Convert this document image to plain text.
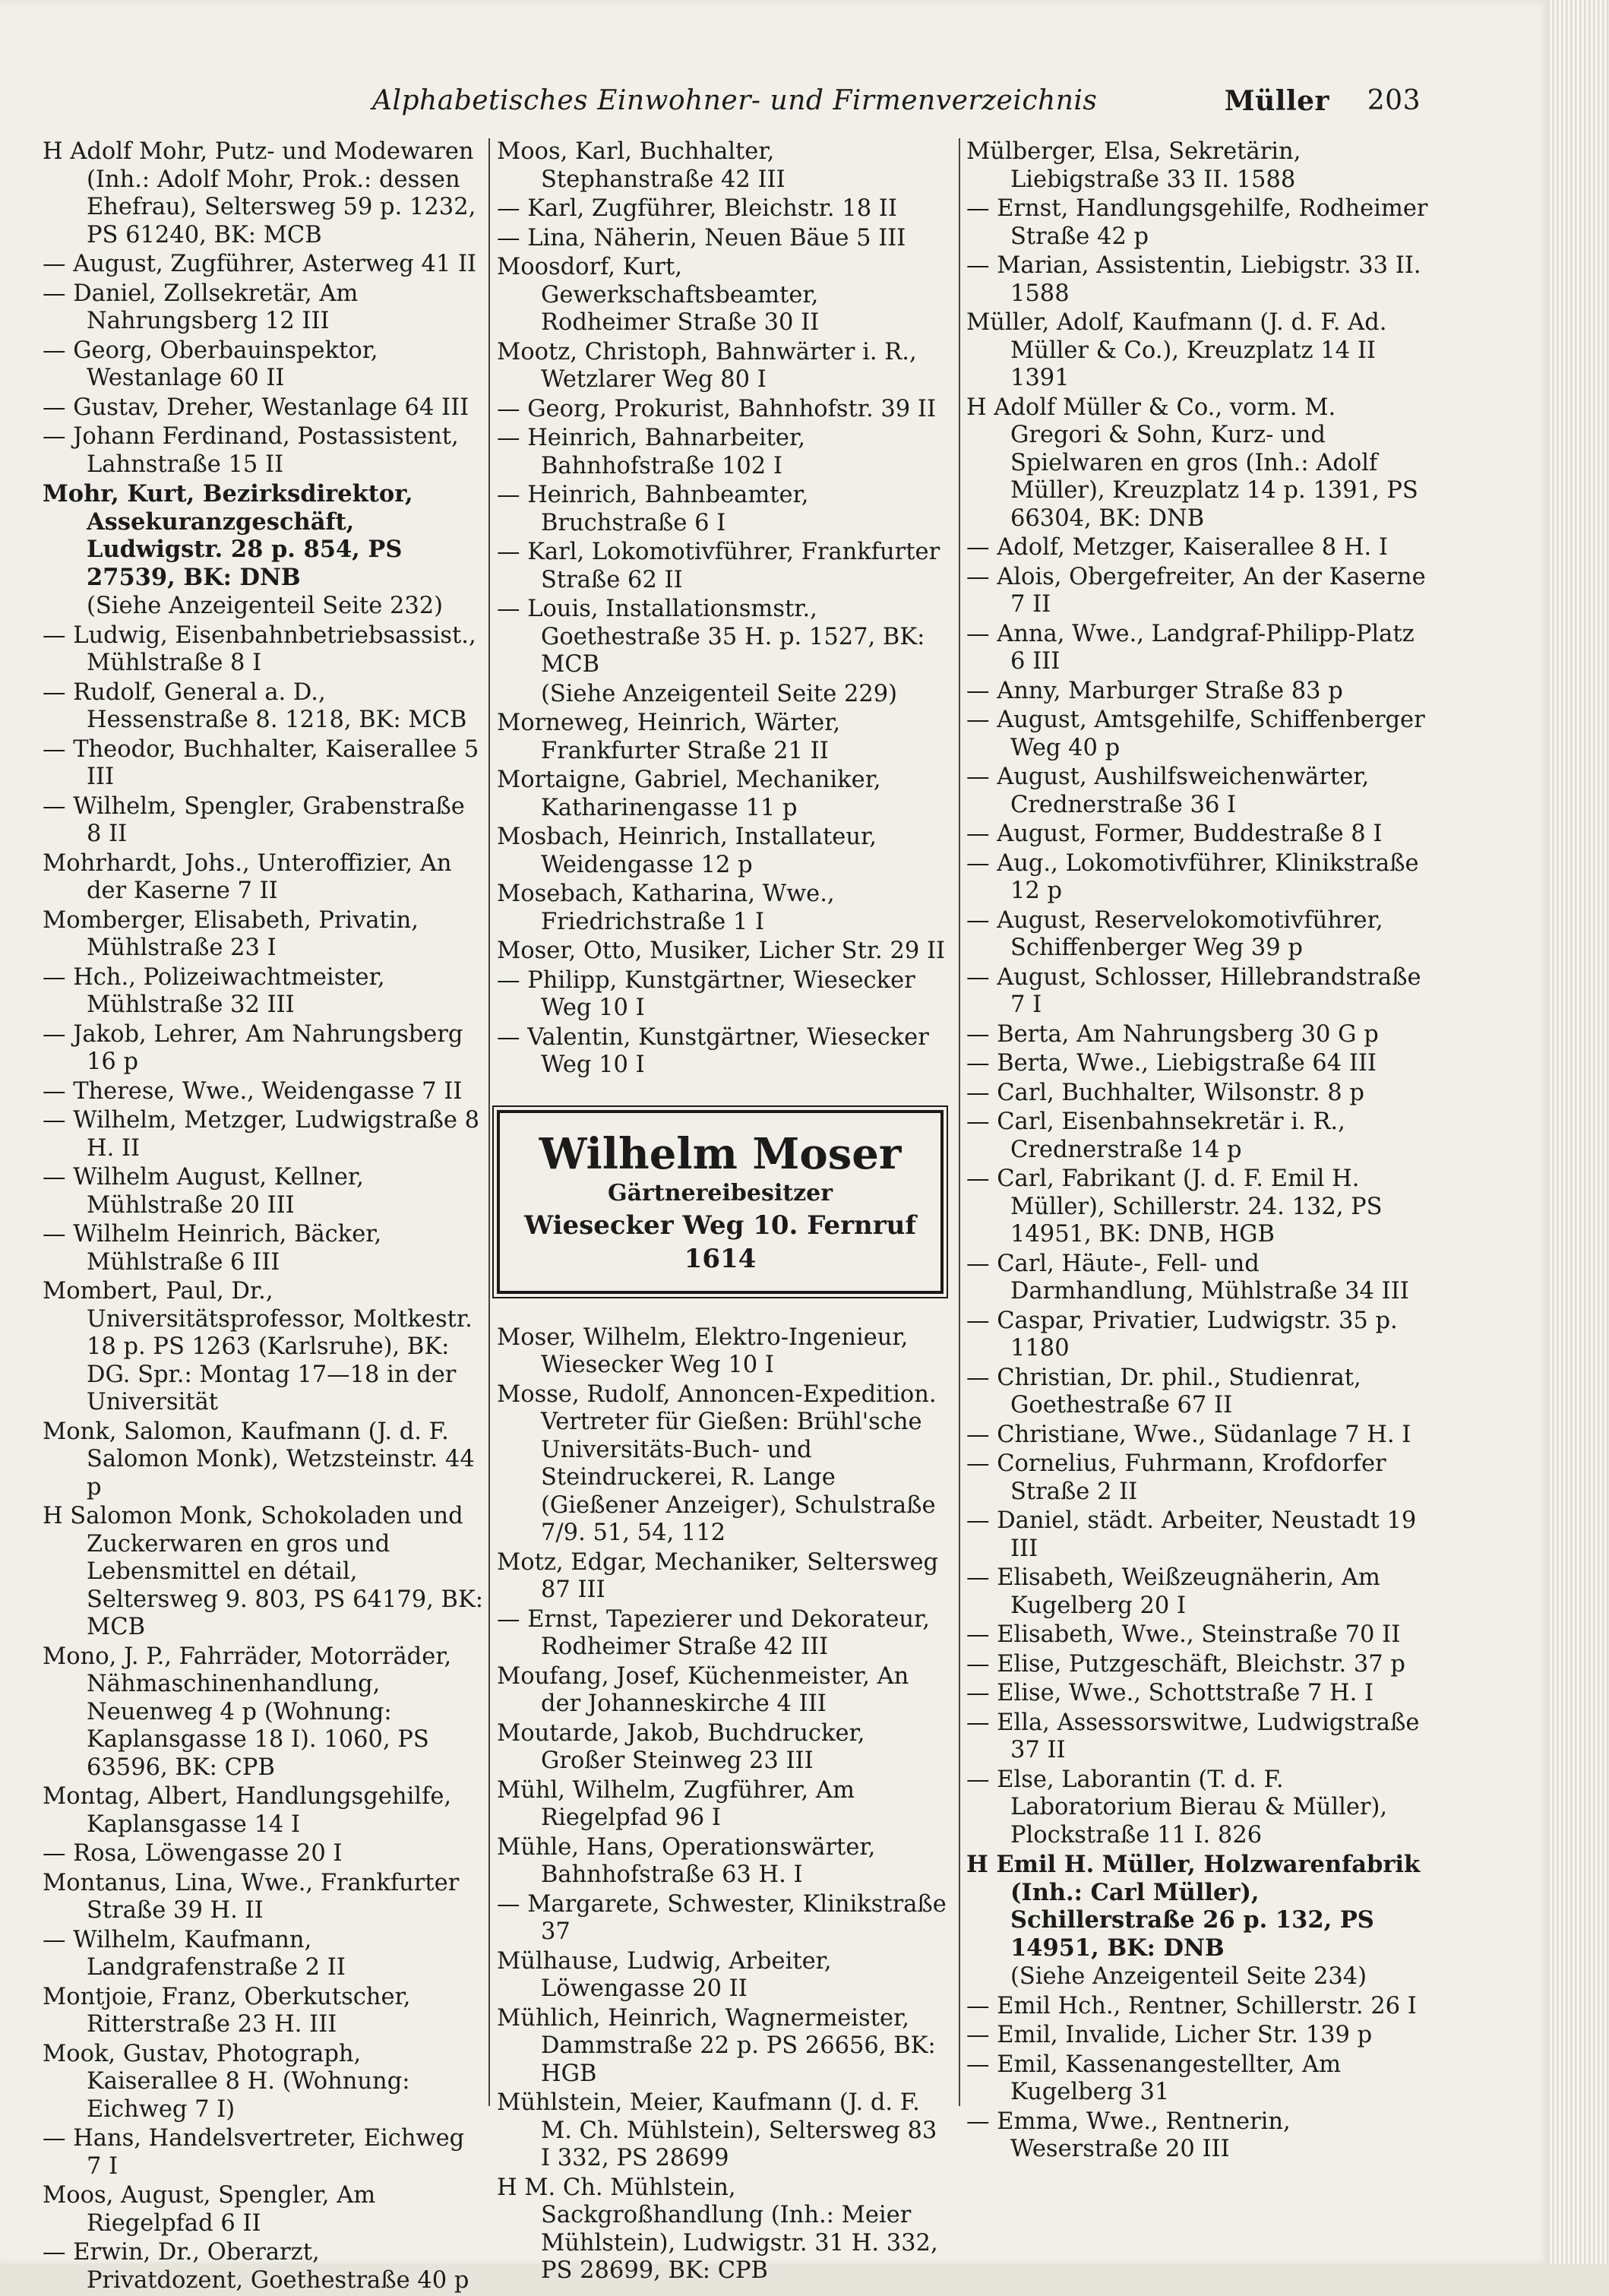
Alphabetisches Einwohner- und Firmenverzeichnis	Müller 203

H Adolf Mohr, Putz- und Modewaren (Inh.: Adolf Mohr, Prok.: dessen Ehefrau), Seltersweg 59 p. 1232, PS 61240, BK: MCB

— August, Zugführer, Asterweg 41 II

— Daniel, Zollsekretär, Am Nahrungsberg 12 III

— Georg, Oberbauinspektor, Westanlage 60 II

— Gustav, Dreher, Westanlage 64 III

— Johann Ferdinand, Postassistent, Lahnstraße 15 II

Mohr, Kurt, Bezirksdirektor, Assekuranzgeschäft, Ludwigstr. 28 p. 854, PS 27539, BK: DNB

(Siehe Anzeigenteil Seite 232)

— Ludwig, Eisenbahnbetriebsassist., Mühlstraße 8 I

— Rudolf, General a. D., Hessenstraße 8. 1218, BK: MCB

— Theodor, Buchhalter, Kaiserallee 5 III

— Wilhelm, Spengler, Grabenstraße 8 II

Mohrhardt, Johs., Unteroffizier, An der Kaserne 7 II

Momberger, Elisabeth, Privatin, Mühlstraße 23 I

— Hch., Polizeiwachtmeister, Mühlstraße 32 III

— Jakob, Lehrer, Am Nahrungsberg 16 p

— Therese, Wwe., Weidengasse 7 II

— Wilhelm, Metzger, Ludwigstraße 8 H. II

— Wilhelm August, Kellner, Mühlstraße 20 III

— Wilhelm Heinrich, Bäcker, Mühlstraße 6 III

Mombert, Paul, Dr., Universitätsprofessor, Moltkestr. 18 p. PS 1263 (Karlsruhe), BK: DG. Spr.: Montag 17—18 in der Universität

Monk, Salomon, Kaufmann (J. d. F. Salomon Monk), Wetzsteinstr. 44 p

H Salomon Monk, Schokoladen und Zuckerwaren en gros und Lebensmittel en détail, Seltersweg 9. 803, PS 64179, BK: MCB

Mono, J. P., Fahrräder, Motorräder, Nähmaschinenhandlung, Neuenweg 4 p (Wohnung: Kaplansgasse 18 I). 1060, PS 63596, BK: CPB

Montag, Albert, Handlungsgehilfe, Kaplansgasse 14 I

— Rosa, Löwengasse 20 I

Montanus, Lina, Wwe., Frankfurter Straße 39 H. II

— Wilhelm, Kaufmann, Landgrafenstraße 2 II

Montjoie, Franz, Oberkutscher, Ritterstraße 23 H. III

Mook, Gustav, Photograph, Kaiserallee 8 H. (Wohnung: Eichweg 7 I)

— Hans, Handelsvertreter, Eichweg 7 I

Moos, August, Spengler, Am Riegelpfad 6 II

— Erwin, Dr., Oberarzt, Privatdozent, Goethestraße 40 p

Moos, Karl, Buchhalter, Stephanstraße 42 III

— Karl, Zugführer, Bleichstr. 18 II

— Lina, Näherin, Neuen Bäue 5 III

Moosdorf, Kurt, Gewerkschaftsbeamter, Rodheimer Straße 30 II

Mootz, Christoph, Bahnwärter i. R., Wetzlarer Weg 80 I

— Georg, Prokurist, Bahnhofstr. 39 II

— Heinrich, Bahnarbeiter, Bahnhofstraße 102 I

— Heinrich, Bahnbeamter, Bruchstraße 6 I

— Karl, Lokomotivführer, Frankfurter Straße 62 II

— Louis, Installationsmstr., Goethestraße 35 H. p. 1527, BK: MCB

(Siehe Anzeigenteil Seite 229)

Morneweg, Heinrich, Wärter, Frankfurter Straße 21 II

Mortaigne, Gabriel, Mechaniker, Katharinengasse 11 p

Mosbach, Heinrich, Installateur, Weidengasse 12 p

Mosebach, Katharina, Wwe., Friedrichstraße 1 I

Moser, Otto, Musiker, Licher Str. 29 II

— Philipp, Kunstgärtner, Wiesecker Weg 10 I

— Valentin, Kunstgärtner, Wiesecker Weg 10 I

Wilhelm Moser
Gärtnereibesitzer
Wiesecker Weg 10. Fernruf 1614

Moser, Wilhelm, Elektro-Ingenieur, Wiesecker Weg 10 I

Mosse, Rudolf, Annoncen-Expedition. Vertreter für Gießen: Brühl'sche Universitäts-Buch- und Steindruckerei, R. Lange (Gießener Anzeiger), Schulstraße 7/9. 51, 54, 112

Motz, Edgar, Mechaniker, Seltersweg 87 III

— Ernst, Tapezierer und Dekorateur, Rodheimer Straße 42 III

Moufang, Josef, Küchenmeister, An der Johanneskirche 4 III

Moutarde, Jakob, Buchdrucker, Großer Steinweg 23 III

Mühl, Wilhelm, Zugführer, Am Riegelpfad 96 I

Mühle, Hans, Operationswärter, Bahnhofstraße 63 H. I

— Margarete, Schwester, Klinikstraße 37

Mülhause, Ludwig, Arbeiter, Löwengasse 20 II

Mühlich, Heinrich, Wagnermeister, Dammstraße 22 p. PS 26656, BK: HGB

Mühlstein, Meier, Kaufmann (J. d. F. M. Ch. Mühlstein), Seltersweg 83 I 332, PS 28699

H M. Ch. Mühlstein, Sackgroßhandlung (Inh.: Meier Mühlstein), Ludwigstr. 31 H. 332, PS 28699, BK: CPB

Mülberger, Elsa, Sekretärin, Liebigstraße 33 II. 1588

— Ernst, Handlungsgehilfe, Rodheimer Straße 42 p

— Marian, Assistentin, Liebigstr. 33 II. 1588

Müller, Adolf, Kaufmann (J. d. F. Ad. Müller & Co.), Kreuzplatz 14 II 1391

H Adolf Müller & Co., vorm. M. Gregori & Sohn, Kurz- und Spielwaren en gros (Inh.: Adolf Müller), Kreuzplatz 14 p. 1391, PS 66304, BK: DNB

— Adolf, Metzger, Kaiserallee 8 H. I

— Alois, Obergefreiter, An der Kaserne 7 II

— Anna, Wwe., Landgraf-Philipp-Platz 6 III

— Anny, Marburger Straße 83 p

— August, Amtsgehilfe, Schiffenberger Weg 40 p

— August, Aushilfsweichenwärter, Crednerstraße 36 I

— August, Former, Buddestraße 8 I

— Aug., Lokomotivführer, Klinikstraße 12 p

— August, Reservelokomotivführer, Schiffenberger Weg 39 p

— August, Schlosser, Hillebrandstraße 7 I

— Berta, Am Nahrungsberg 30 G p

— Berta, Wwe., Liebigstraße 64 III

— Carl, Buchhalter, Wilsonstr. 8 p

— Carl, Eisenbahnsekretär i. R., Crednerstraße 14 p

— Carl, Fabrikant (J. d. F. Emil H. Müller), Schillerstr. 24. 132, PS 14951, BK: DNB, HGB

— Carl, Häute-, Fell- und Darmhandlung, Mühlstraße 34 III

— Caspar, Privatier, Ludwigstr. 35 p. 1180

— Christian, Dr. phil., Studienrat, Goethestraße 67 II

— Christiane, Wwe., Südanlage 7 H. I

— Cornelius, Fuhrmann, Krofdorfer Straße 2 II

— Daniel, städt. Arbeiter, Neustadt 19 III

— Elisabeth, Weißzeugnäherin, Am Kugelberg 20 I

— Elisabeth, Wwe., Steinstraße 70 II

— Elise, Putzgeschäft, Bleichstr. 37 p

— Elise, Wwe., Schottstraße 7 H. I

— Ella, Assessorswitwe, Ludwigstraße 37 II

— Else, Laborantin (T. d. F. Laboratorium Bierau & Müller), Plockstraße 11 I. 826

H Emil H. Müller, Holzwarenfabrik (Inh.: Carl Müller), Schillerstraße 26 p. 132, PS 14951, BK: DNB

(Siehe Anzeigenteil Seite 234)

— Emil Hch., Rentner, Schillerstr. 26 I

— Emil, Invalide, Licher Str. 139 p

— Emil, Kassenangestellter, Am Kugelberg 31

— Emma, Wwe., Rentnerin, Weserstraße 20 III
